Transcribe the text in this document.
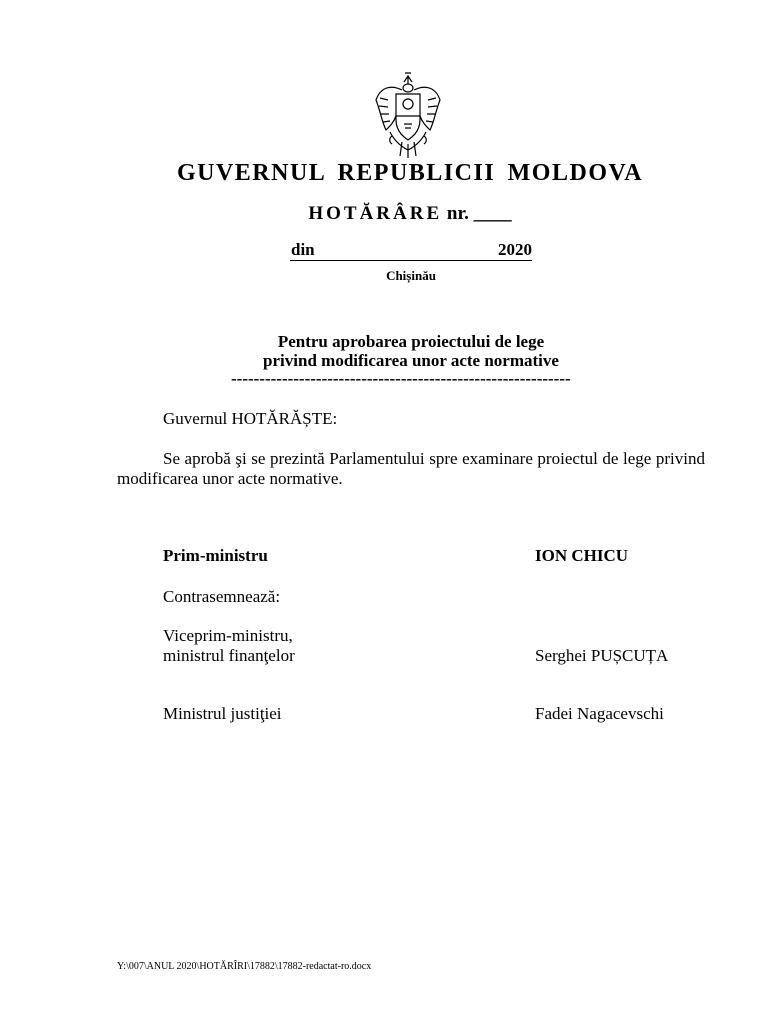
GUVERNUL REPUBLICII MOLDOVA
HOTĂRÂRE nr. ____
din	2020
Chișinău
Pentru aprobarea proiectului de lege
privind modificarea unor acte normative
------------------------------------------------------------
Guvernul HOTĂRĂȘTE:
Se aprobă şi se prezintă Parlamentului spre examinare proiectul de lege privind modificarea unor acte normative.
Prim-ministru	ION CHICU
Contrasemnează:
Viceprim-ministru,
ministrul finanţelor	Serghei PUȘCUȚA
Ministrul justiţiei	Fadei Nagacevschi
Y:\007\ANUL 2020\HOTĂRÎRI\17882\17882-redactat-ro.docx
